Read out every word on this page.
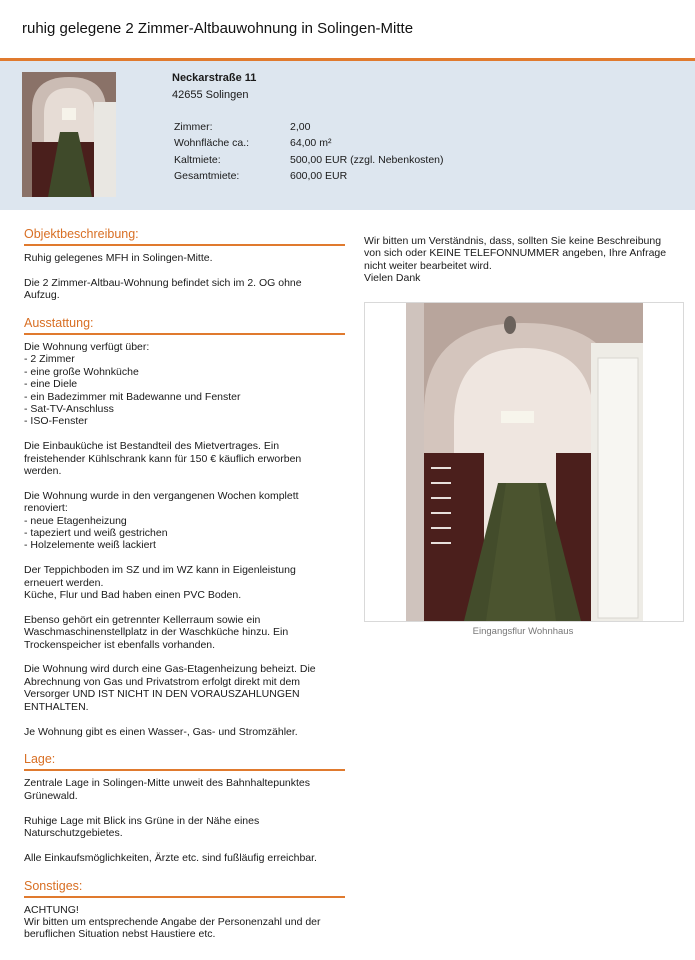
ruhig gelegene 2 Zimmer-Altbauwohnung in Solingen-Mitte
Neckarstraße 11
42655 Solingen
Zimmer:	2,00
Wohnfläche ca.:	64,00 m²
Kaltmiete:	500,00 EUR (zzgl. Nebenkosten)
Gesamtmiete:	600,00 EUR
Objektbeschreibung:

Ruhig gelegenes MFH in Solingen-Mitte.

Die 2 Zimmer-Altbau-Wohnung befindet sich im 2. OG ohne
Aufzug.

Ausstattung:

Die Wohnung verfügt über:
- 2 Zimmer
- eine große Wohnküche
- eine Diele
- ein Badezimmer mit Badewanne und Fenster
- Sat-TV-Anschluss
- ISO-Fenster

Die Einbauküche ist Bestandteil des Mietvertrages. Ein
freistehender Kühlschrank kann für 150 € käuflich erworben
werden.

Die Wohnung wurde in den vergangenen Wochen komplett
renoviert:
- neue Etagenheizung
- tapeziert und weiß gestrichen
- Holzelemente weiß lackiert

Der Teppichboden im SZ und im WZ kann in Eigenleistung
erneuert werden.
Küche, Flur und Bad haben einen PVC Boden.

Ebenso gehört ein getrennter Kellerraum sowie ein
Waschmaschinenstellplatz in der Waschküche hinzu. Ein
Trockenspeicher ist ebenfalls vorhanden.

Die Wohnung wird durch eine Gas-Etagenheizung beheizt. Die
Abrechnung von Gas und Privatstrom erfolgt direkt mit dem
Versorger UND IST NICHT IN DEN VORAUSZAHLUNGEN
ENTHALTEN.

Je Wohnung gibt es einen Wasser-, Gas- und Stromzähler.

Lage:

Zentrale Lage in Solingen-Mitte unweit des Bahnhaltepunktes
Grünewald.

Ruhige Lage mit Blick ins Grüne in der Nähe eines
Naturschutzgebietes.

Alle Einkaufsmöglichkeiten, Ärzte etc. sind fußläufig erreichbar.

Sonstiges:

ACHTUNG!
Wir bitten um entsprechende Angabe der Personenzahl und der
beruflichen Situation nebst Haustiere etc.

Wir bitten um Verständnis, dass, sollten Sie keine Beschreibung
von sich oder KEINE TELEFONNUMMER angeben, Ihre Anfrage
nicht weiter bearbeitet wird.
Vielen Dank
Eingangsflur Wohnhaus
